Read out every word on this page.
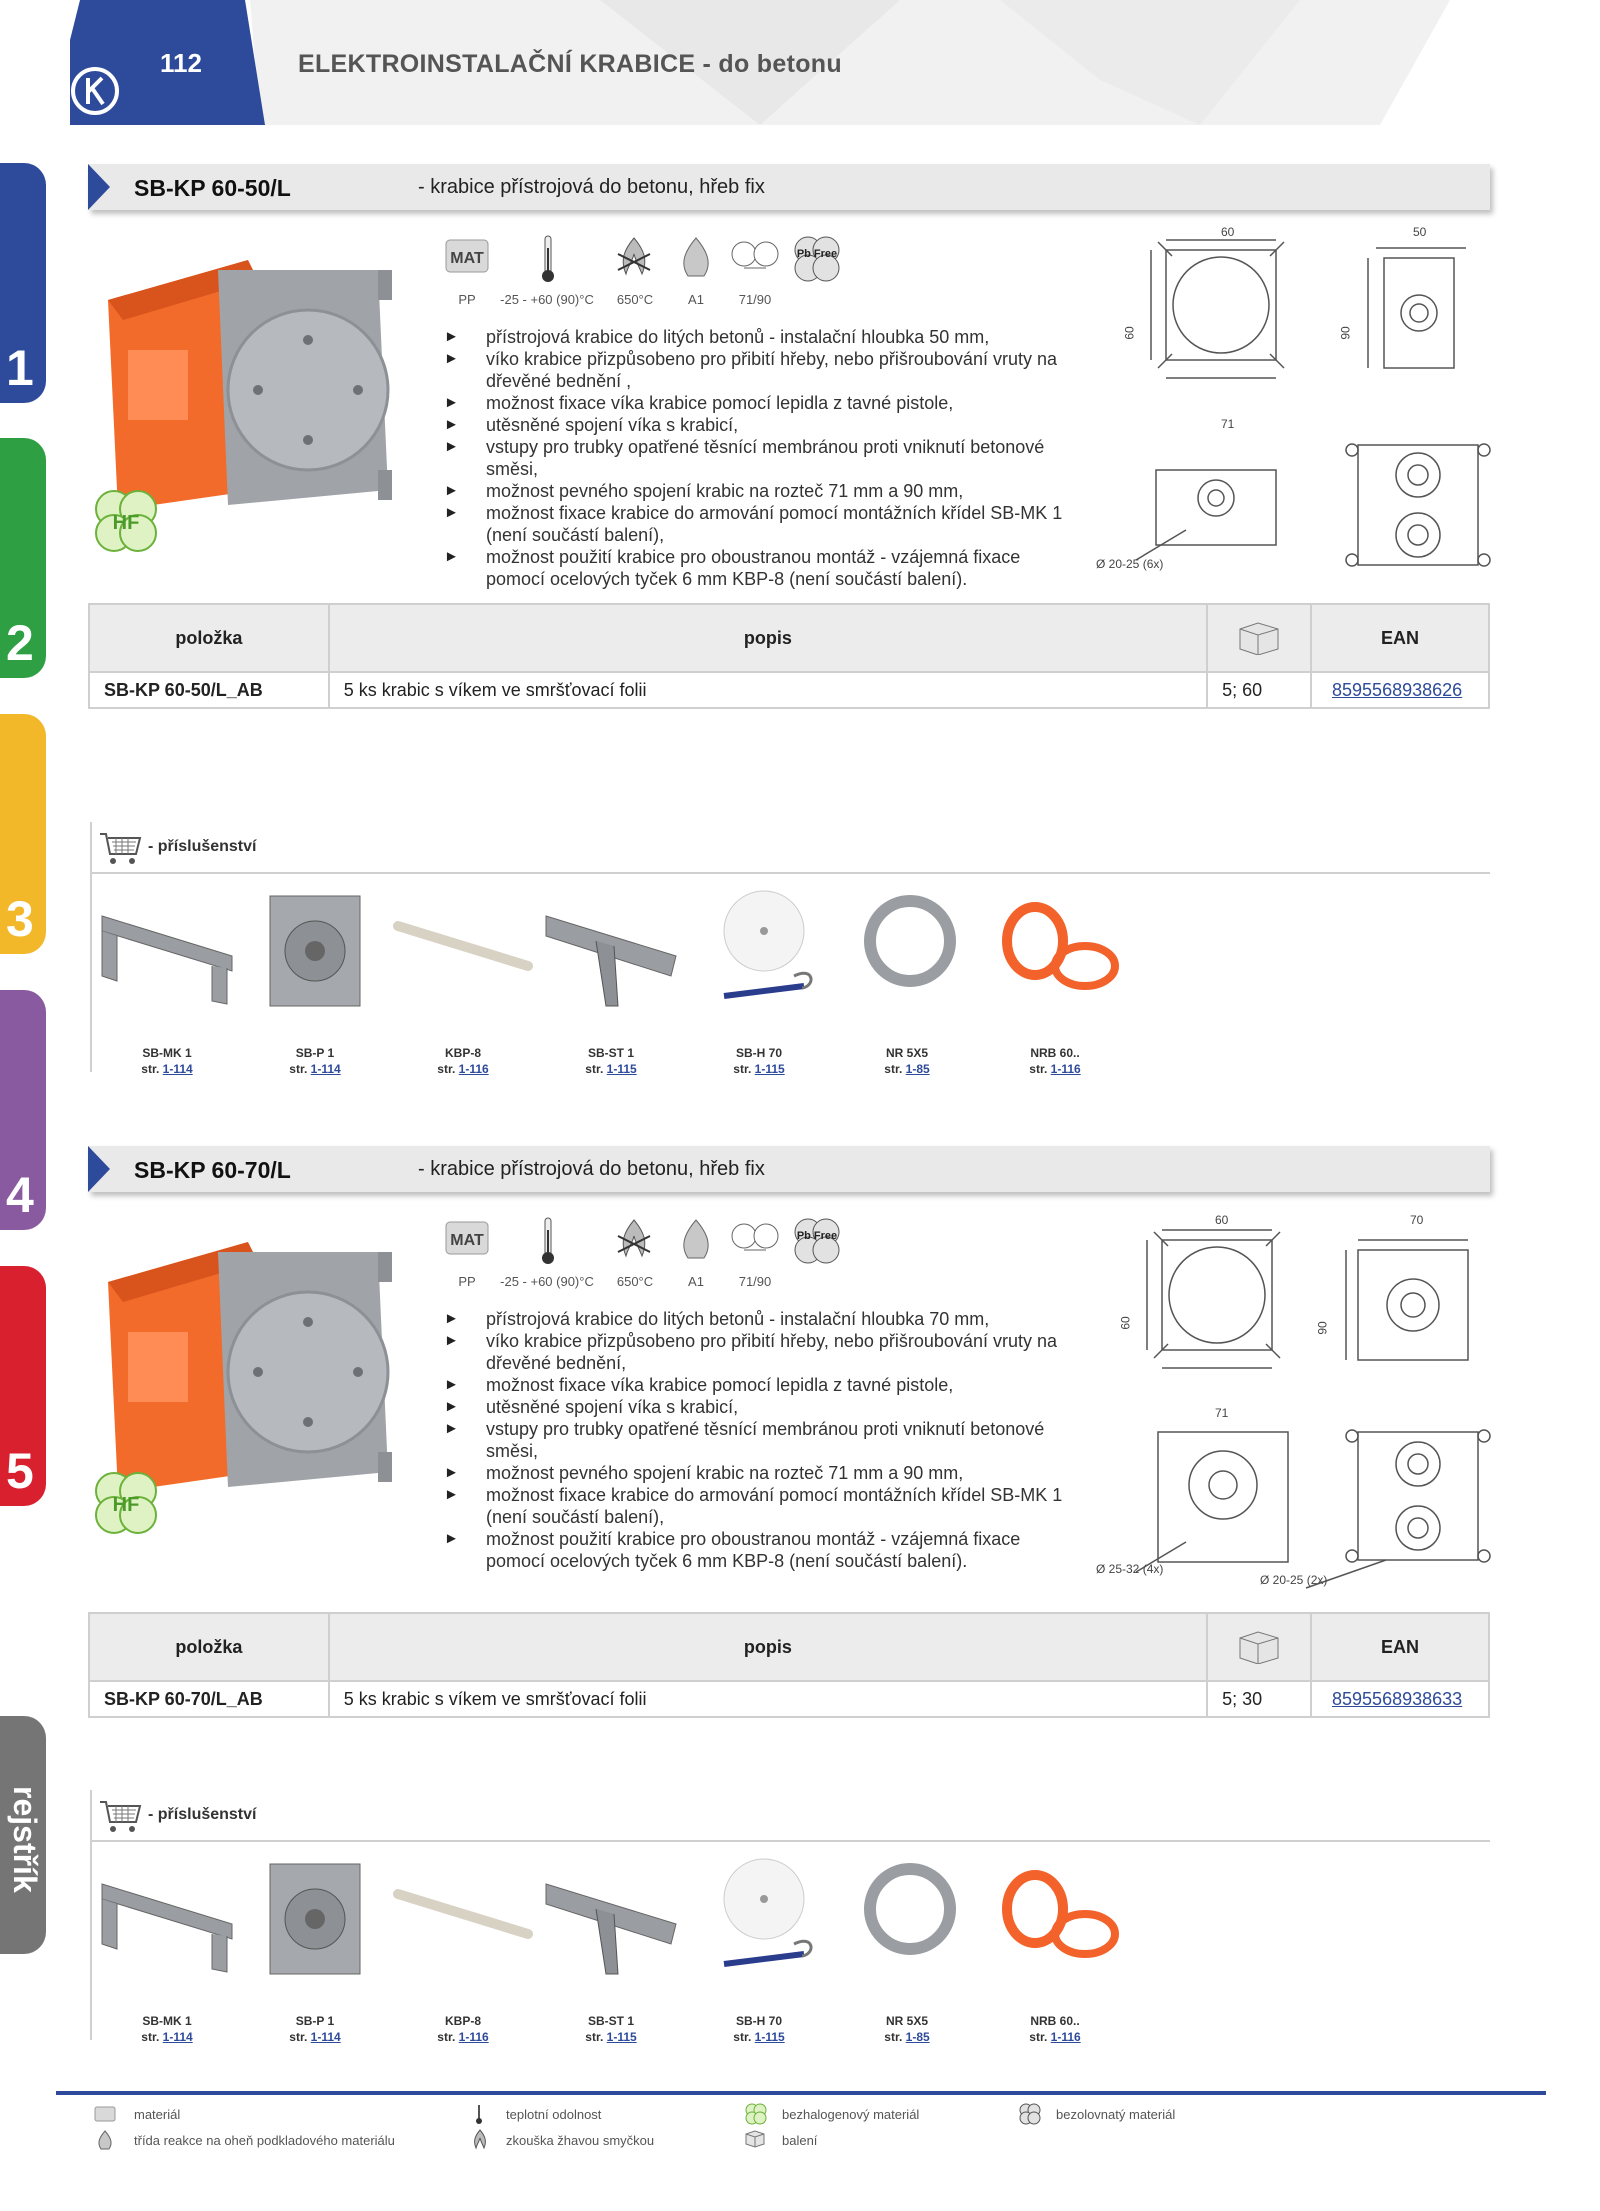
112	ELEKTROINSTALAČNÍ KRABICE - do betonu
1
2
3
4
5
rejstřík
SB-KP 60-50/L	- krabice přístrojová do betonu, hřeb fix
HF
MAT	Pb Free
PP	-25 - +60 (90)°C	650°C	A1	71/90
► přístrojová krabice do litých betonů - instalační hloubka 50 mm,
► víko krabice přizpůsobeno pro přibití hřeby, nebo přišroubování vruty na dřevěné bednění ,
► možnost fixace víka krabice pomocí lepidla z tavné pistole,
► utěsněné spojení víka s krabicí,
► vstupy pro trubky opatřené těsnící membránou proti vniknutí betonové směsi,
► možnost pevného spojení krabic na rozteč 71 mm a 90 mm,
► možnost fixace krabice do armování pomocí montážních křídel SB-MK 1 (není součástí balení),
► možnost použití krabice pro oboustranou montáž - vzájemná fixace pomocí ocelových tyček 6 mm KBP-8 (není součástí balení).
60
60
71
50
90
Ø 20-25 (6x)
položka	popis		EAN
SB-KP 60-50/L_AB	5 ks krabic s víkem ve smršťovací folii	5; 60	8595568938626
- příslušenství
SB-MK 1
str. 1-114
SB-P 1
str. 1-114
KBP-8
str. 1-116
SB-ST 1
str. 1-115
SB-H 70
str. 1-115
NR 5X5
str. 1-85
NRB 60..
str. 1-116
SB-KP 60-70/L	- krabice přístrojová do betonu, hřeb fix
HF
MAT	Pb Free
PP	-25 - +60 (90)°C	650°C	A1	71/90
► přístrojová krabice do litých betonů - instalační hloubka 70 mm,
► víko krabice přizpůsobeno pro přibití hřeby, nebo přišroubování vruty na dřevěné bednění,
► možnost fixace víka krabice pomocí lepidla z tavné pistole,
► utěsněné spojení víka s krabicí,
► vstupy pro trubky opatřené těsnící membránou proti vniknutí betonové směsi,
► možnost pevného spojení krabic na rozteč 71 mm a 90 mm,
► možnost fixace krabice do armování pomocí montážních křídel SB-MK 1 (není součástí balení),
► možnost použití krabice pro oboustranou montáž - vzájemná fixace pomocí ocelových tyček 6 mm KBP-8 (není součástí balení).
60
60
71
70
90
Ø 25-32 (4x)
Ø 20-25 (2x)
položka	popis		EAN
SB-KP 60-70/L_AB	5 ks krabic s víkem ve smršťovací folii	5; 30	8595568938633
- příslušenství
SB-MK 1
str. 1-114
SB-P 1
str. 1-114
KBP-8
str. 1-116
SB-ST 1
str. 1-115
SB-H 70
str. 1-115
NR 5X5
str. 1-85
NRB 60..
str. 1-116
materiál
třída reakce na oheň podkladového materiálu
teplotní odolnost
zkouška žhavou smyčkou
bezhalogenový materiál
balení
bezolovnatý materiál
